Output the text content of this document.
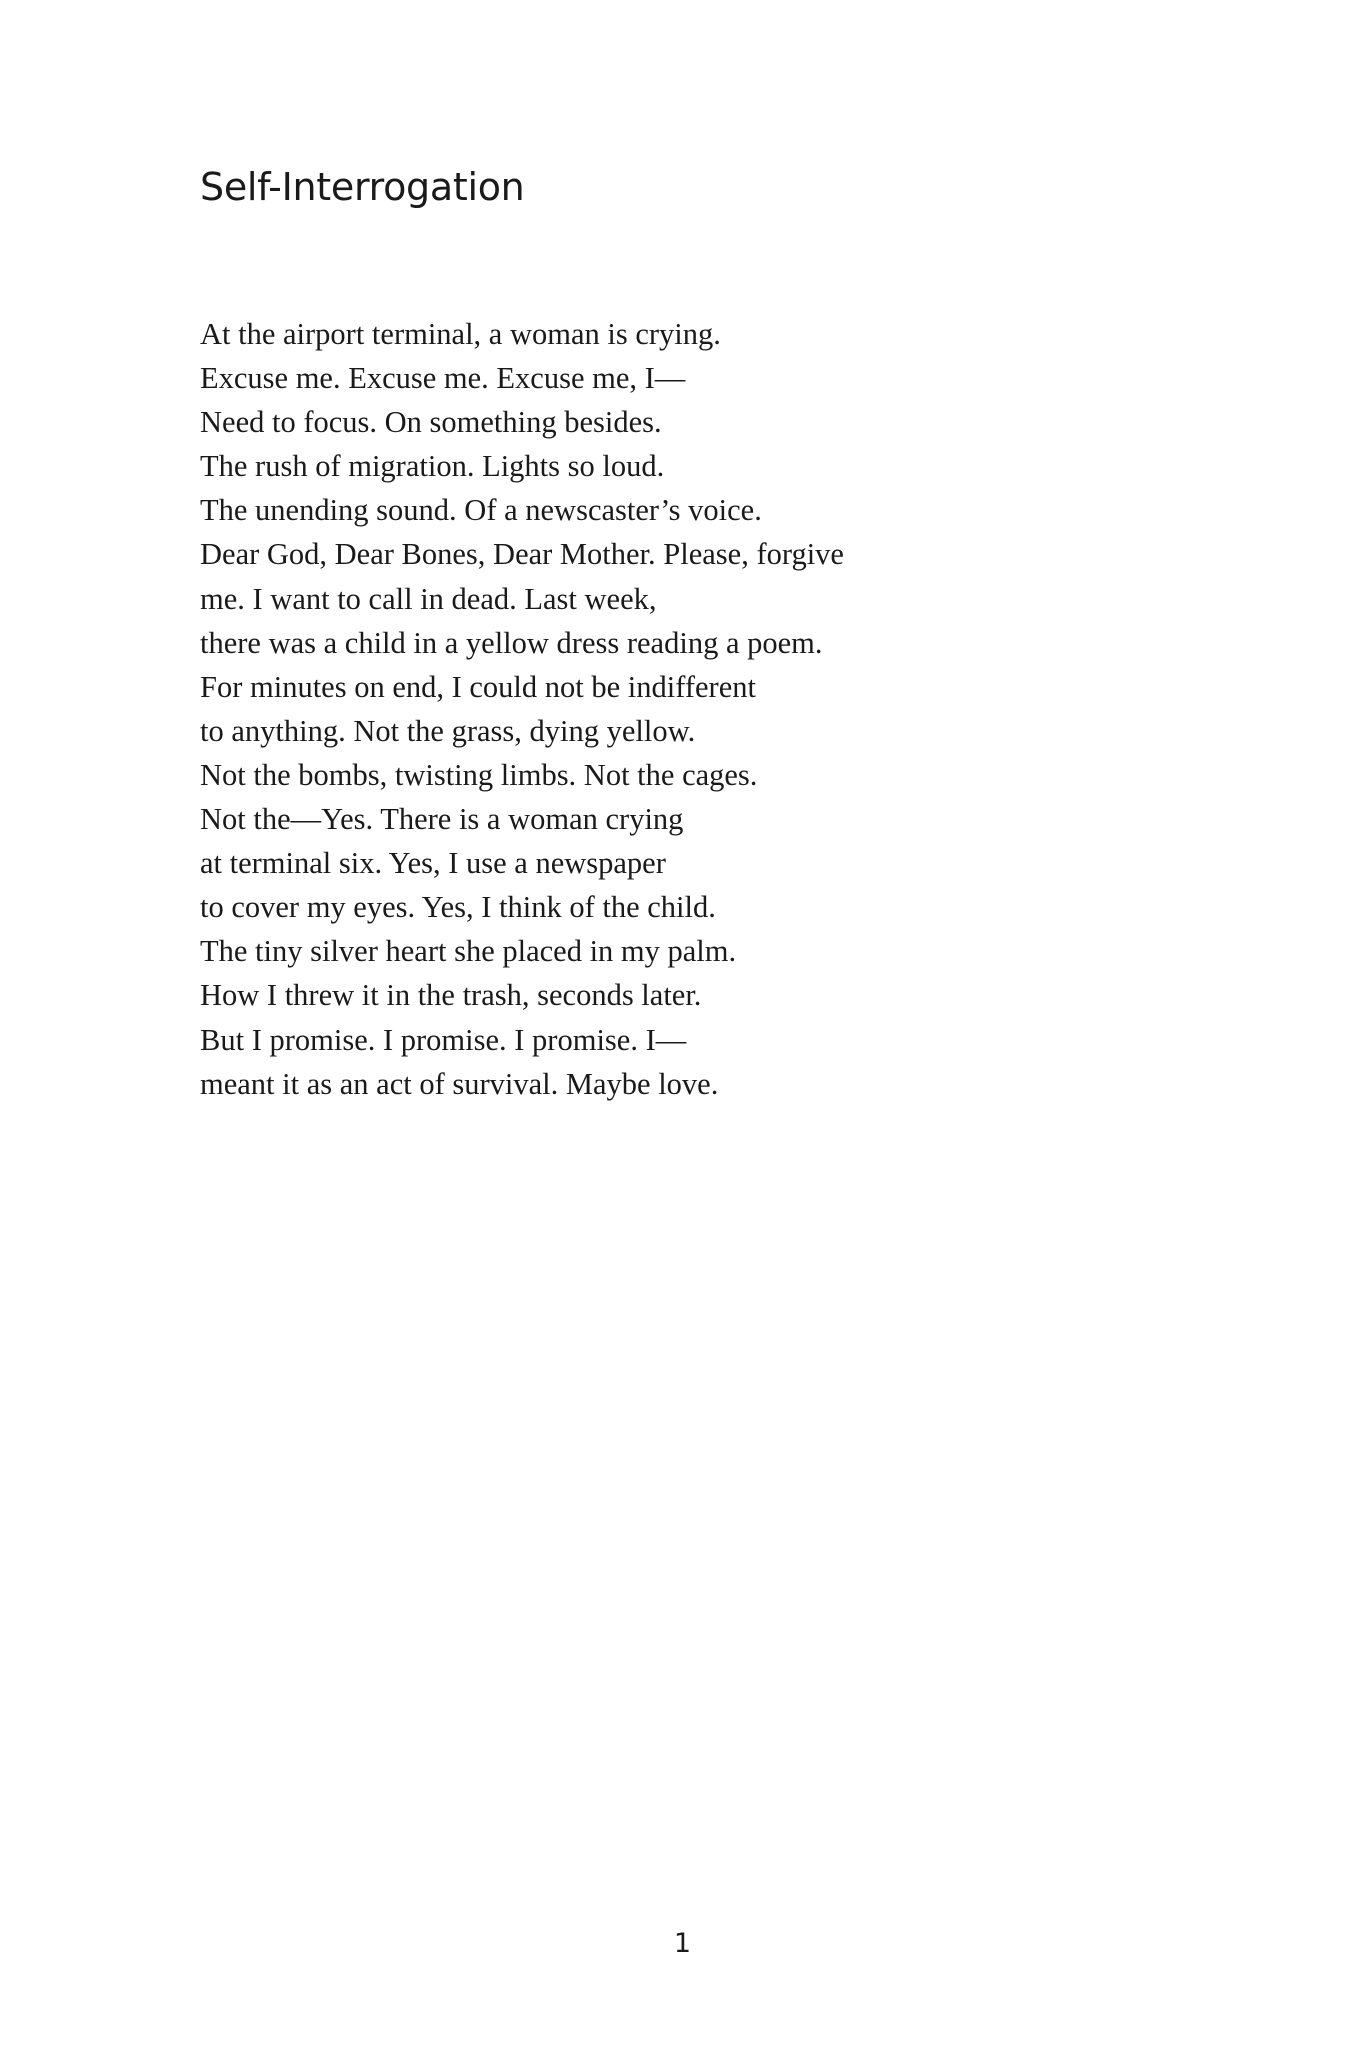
Self-Interrogation
At the airport terminal, a woman is crying.
Excuse me. Excuse me. Excuse me, I—
Need to focus. On something besides.
The rush of migration. Lights so loud.
The unending sound. Of a newscaster’s voice.
Dear God, Dear Bones, Dear Mother. Please, forgive
me. I want to call in dead. Last week,
there was a child in a yellow dress reading a poem.
For minutes on end, I could not be indifferent
to anything. Not the grass, dying yellow.
Not the bombs, twisting limbs. Not the cages.
Not the—Yes. There is a woman crying
at terminal six. Yes, I use a newspaper
to cover my eyes. Yes, I think of the child.
The tiny silver heart she placed in my palm.
How I threw it in the trash, seconds later.
But I promise. I promise. I promise. I—
meant it as an act of survival. Maybe love.
1
